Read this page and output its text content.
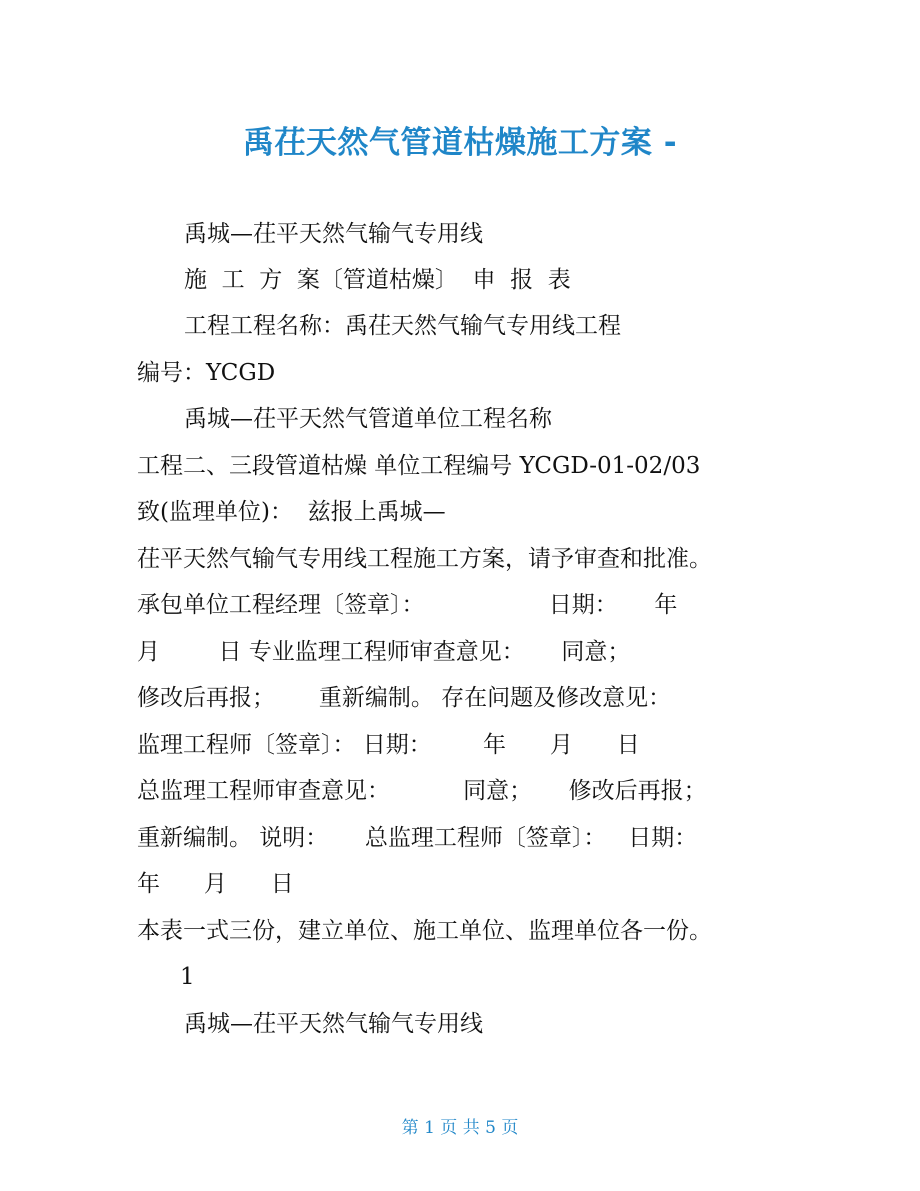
禹茌天然气管道枯燥施工方案 -
禹城—茌平天然气输气专用线
施  工  方  案〔管道枯燥〕  申  报  表
工程工程名称：禹茌天然气输气专用线工程
编号：YCGD
禹城—茌平天然气管道单位工程名称
工程二、三段管道枯燥 单位工程编号 YCGD-01-02/03
致(监理单位)：  兹报上禹城—
茌平天然气输气专用线工程施工方案，请予审查和批准。
承包单位工程经理〔签章〕：                 日期：     年
月        日 专业监理工程师审查意见：     同意；
修改后再报；      重新编制。 存在问题及修改意见：
监理工程师〔签章〕： 日期：       年      月      日
总监理工程师审查意见：          同意；     修改后再报；
重新编制。 说明：     总监理工程师〔签章〕：   日期：
年      月      日
本表一式三份，建立单位、施工单位、监理单位各一份。
1
禹城—茌平天然气输气专用线
第 1 页 共 5 页
